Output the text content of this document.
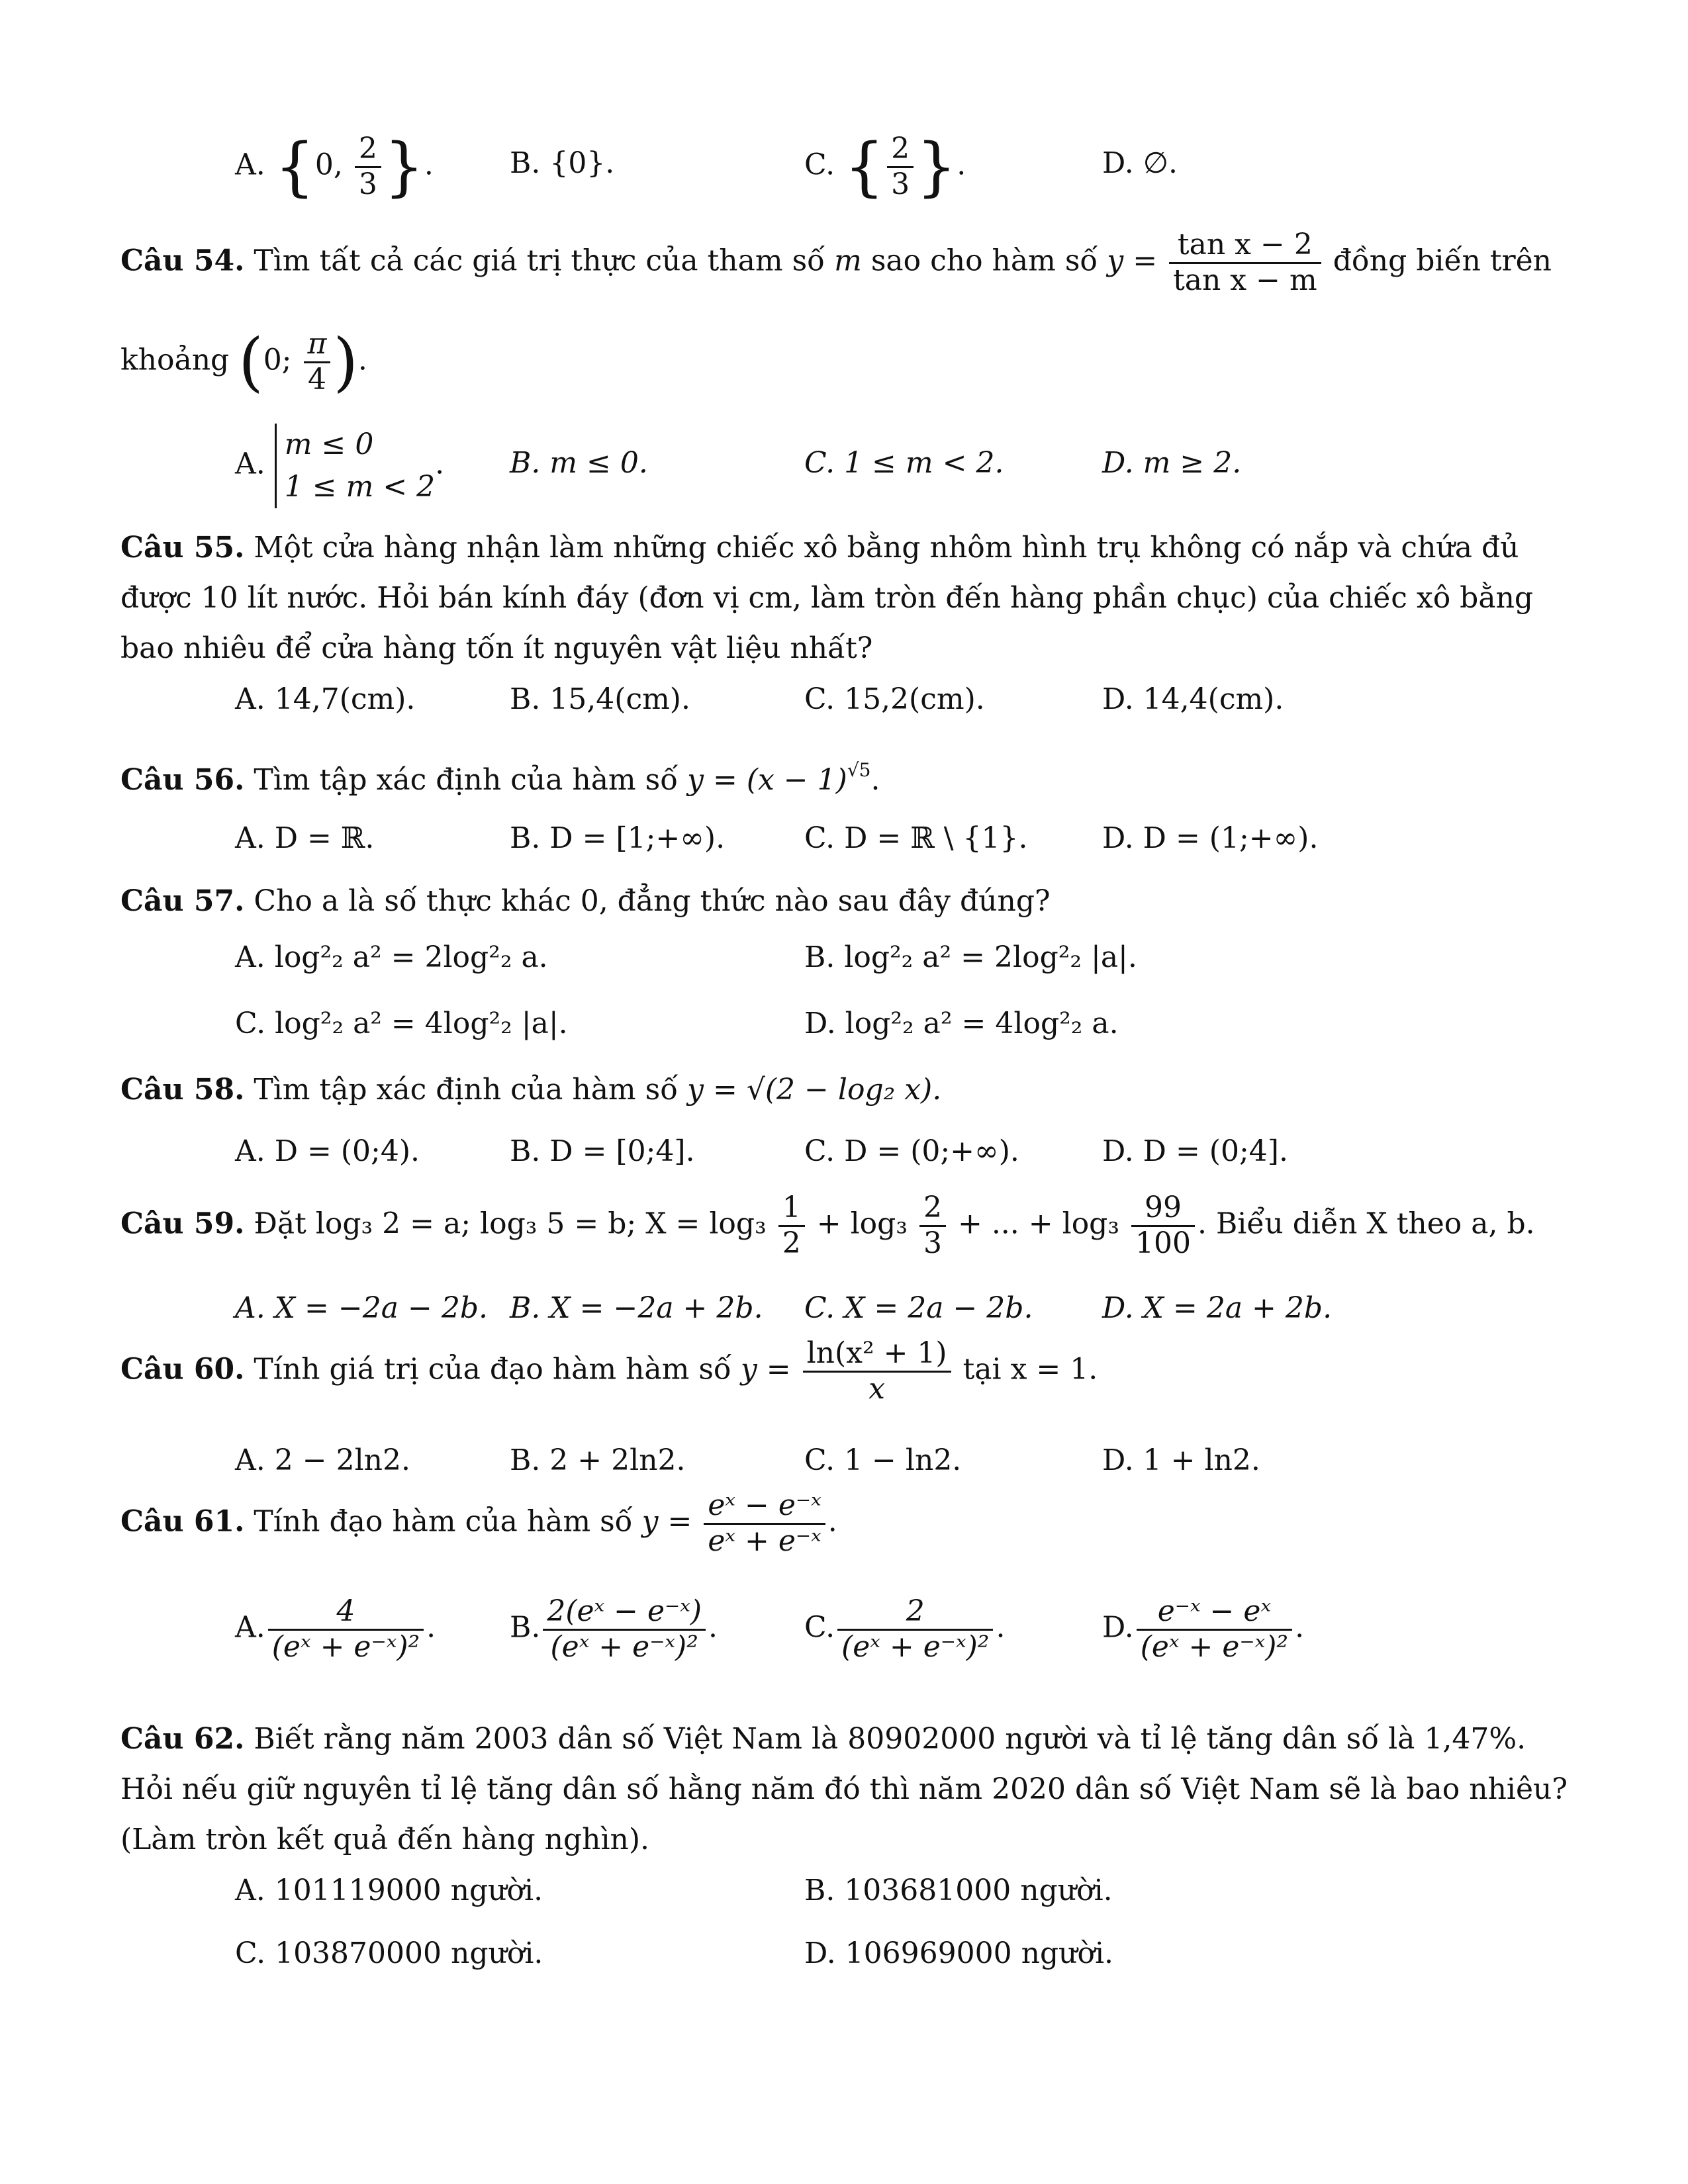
A. {0, $\frac{2}{3}$ }.	B. {0}.	C. { $\frac{2}{3}$ }.	D. ∅.
Câu 54. Tìm tất cả các giá trị thực của tham số m sao cho hàm số $y = \frac{\text{tan x − 2}}{\text{tan x − m}}$ đồng biến trên
khoảng (0; $\frac{\pi}{4}$ ).
A.
m ≤ 0
1 ≤ m < 2
. B. m ≤ 0.	C. 1 ≤ m < 2.	D. m ≥ 2.
Câu 55. Một cửa hàng nhận làm những chiếc xô bằng nhôm hình trụ không có nắp và chứa đủ được 10 lít nước. Hỏi bán kính đáy (đơn vị cm, làm tròn đến hàng phần chục) của chiếc xô bằng bao nhiêu để cửa hàng tốn ít nguyên vật liệu nhất?
A. 14,7(cm).	B. 15,4(cm).	C. 15,2(cm).	D. 14,4(cm).
Câu 56. Tìm tập xác định của hàm số $y = (x - 1)^{√5}$.
A. D = ℝ.	B. D = [1;+∞).	C. D = ℝ \ {1}.	D. D = (1;+∞).
Câu 57. Cho a là số thực khác 0, đẳng thức nào sau đây đúng?
A. log²₂ a² = 2log²₂ a.	B. log²₂ a² = 2log²₂ |a|.
C. log²₂ a² = 4log²₂ |a|.	D. log²₂ a² = 4log²₂ a.
Câu 58. Tìm tập xác định của hàm số y = √(2 − log₂ x).
A. D = (0;4).	B. D = [0;4].	C. D = (0;+∞).	D. D = (0;4].
Câu 59. Đặt log₃ 2 = a; log₃ 5 = b; $X = \log_3 \frac{1}{2} + \log_3 \frac{2}{3}$ + ... + $\log_3 \frac{99}{100}$ . Biểu diễn X theo a, b.
A. X = −2a − 2b. B. X = −2a + 2b. C. X = 2a − 2b. D. X = 2a + 2b.
Câu 60. Tính giá trị của đạo hàm hàm số $y = \frac{\text{ln(x² + 1)}}{x}$ tại x = 1.
A. 2 − 2ln2.	B. 2 + 2ln2.	C. 1 − ln2.	D. 1 + ln2.
Câu 61. Tính đạo hàm của hàm số $y = \frac{\text{eˣ − e⁻ˣ}}{\text{eˣ + e⁻ˣ}}$ .
A. $\frac{4}{\text{(eˣ + e⁻ˣ)²}}$ .	B. $\frac{\text{2(eˣ − e⁻ˣ)}}{\text{(eˣ + e⁻ˣ)²}}$ .	C. $\frac{2}{\text{(eˣ + e⁻ˣ)²}}$ .	D. $\frac{\text{e⁻ˣ − eˣ}}{\text{(eˣ + e⁻ˣ)²}}$ .
Câu 62. Biết rằng năm 2003 dân số Việt Nam là 80902000 người và tỉ lệ tăng dân số là 1,47%. Hỏi nếu giữ nguyên tỉ lệ tăng dân số hằng năm đó thì năm 2020 dân số Việt Nam sẽ là bao nhiêu? (Làm tròn kết quả đến hàng nghìn).
A. 101119000 người.	B. 103681000 người.
C. 103870000 người.	D. 106969000 người.
